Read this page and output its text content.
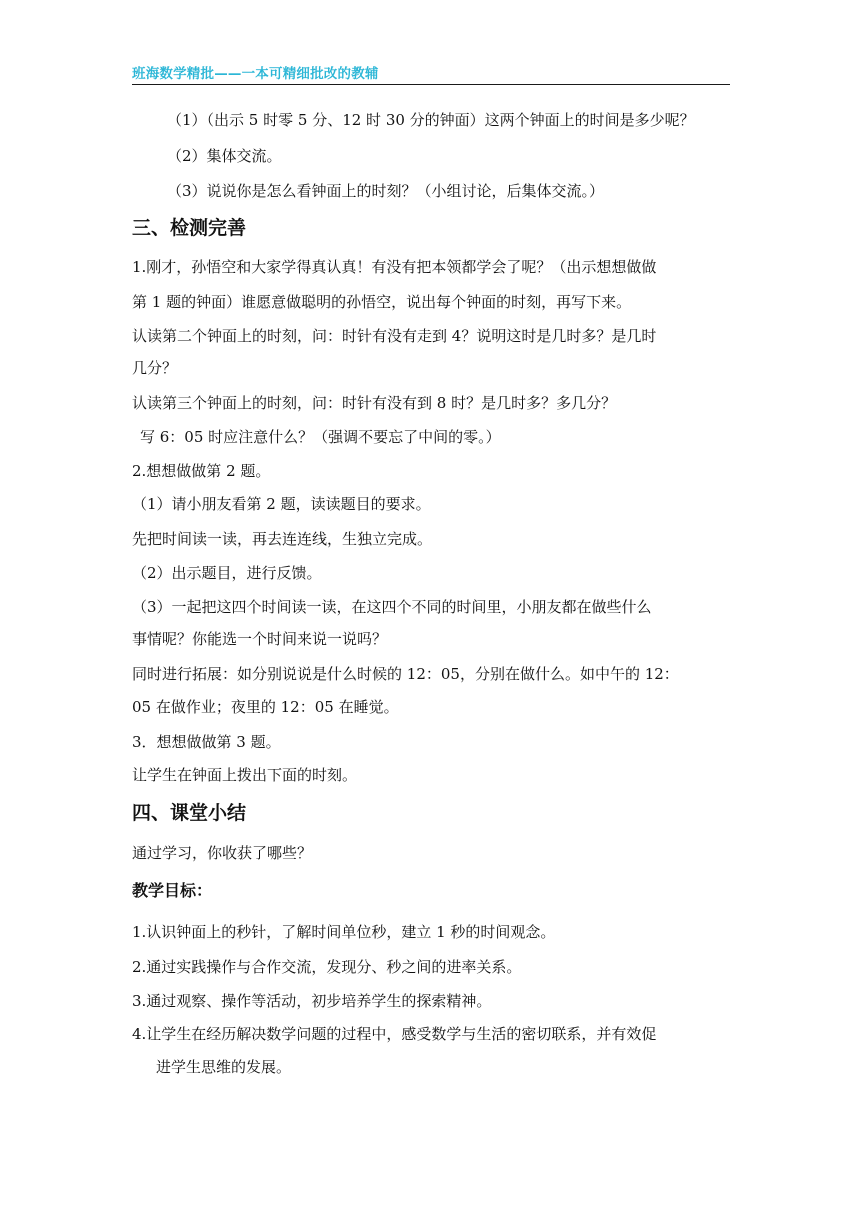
班海数学精批——一本可精细批改的教辅
（1）（出示 5 时零 5 分、12 时 30 分的钟面）这两个钟面上的时间是多少呢？
（2）集体交流。
（3）说说你是怎么看钟面上的时刻？（小组讨论，后集体交流。）
三、检测完善
1.刚才，孙悟空和大家学得真认真！有没有把本领都学会了呢？（出示想想做做
第 1 题的钟面）谁愿意做聪明的孙悟空，说出每个钟面的时刻，再写下来。
认读第二个钟面上的时刻，问：时针有没有走到 4？说明这时是几时多？是几时
几分？
认读第三个钟面上的时刻，问：时针有没有到 8 时？是几时多？多几分？
写 6：05 时应注意什么？（强调不要忘了中间的零。）
2.想想做做第 2 题。
（1）请小朋友看第 2 题，读读题目的要求。
先把时间读一读，再去连连线，生独立完成。
（2）出示题目，进行反馈。
（3）一起把这四个时间读一读，在这四个不同的时间里，小朋友都在做些什么
事情呢？你能选一个时间来说一说吗？
同时进行拓展：如分别说说是什么时候的 12：05，分别在做什么。如中午的 12：
05 在做作业；夜里的 12：05 在睡觉。
3．想想做做第 3 题。
让学生在钟面上拨出下面的时刻。
四、课堂小结
通过学习，你收获了哪些？
教学目标：
1.认识钟面上的秒针，了解时间单位秒，建立 1 秒的时间观念。
2.通过实践操作与合作交流，发现分、秒之间的进率关系。
3.通过观察、操作等活动，初步培养学生的探索精神。
4.让学生在经历解决数学问题的过程中，感受数学与生活的密切联系，并有效促
进学生思维的发展。
